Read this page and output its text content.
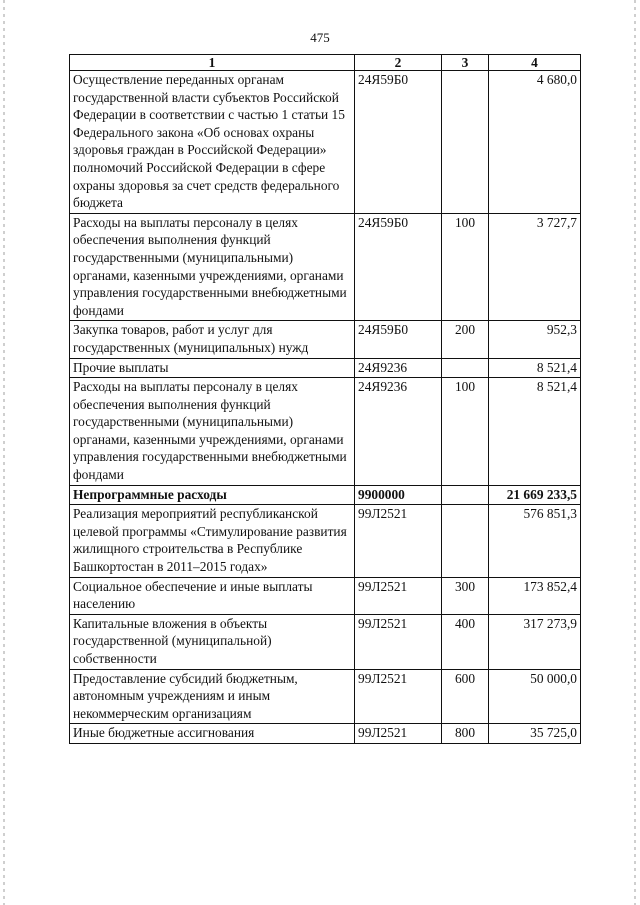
475
1	2	3	4
Осуществление переданных органам государственной власти субъектов Российской Федерации в соответствии с частью 1 статьи 15 Федерального закона «Об основах охраны здоровья граждан в Российской Федерации» полномочий Российской Федерации в сфере охраны здоровья за счет средств федерального бюджета	24Я59Б0		4 680,0
Расходы на выплаты персоналу в целях обеспечения выполнения функций государственными (муниципальными) органами, казенными учреждениями, органами управления государственными внебюджетными фондами	24Я59Б0	100	3 727,7
Закупка товаров, работ и услуг для государственных (муниципальных) нужд	24Я59Б0	200	952,3
Прочие выплаты	24Я9236		8 521,4
Расходы на выплаты персоналу в целях обеспечения выполнения функций государственными (муниципальными) органами, казенными учреждениями, органами управления государственными внебюджетными фондами	24Я9236	100	8 521,4
Непрограммные расходы	9900000		21 669 233,5
Реализация мероприятий республиканской целевой программы «Стимулирование развития жилищного строительства в Республике Башкортостан в 2011–2015 годах»	99Л2521		576 851,3
Социальное обеспечение и иные выплаты населению	99Л2521	300	173 852,4
Капитальные вложения в объекты государственной (муниципальной) собственности	99Л2521	400	317 273,9
Предоставление субсидий бюджетным, автономным учреждениям и иным некоммерческим организациям	99Л2521	600	50 000,0
Иные бюджетные ассигнования	99Л2521	800	35 725,0
